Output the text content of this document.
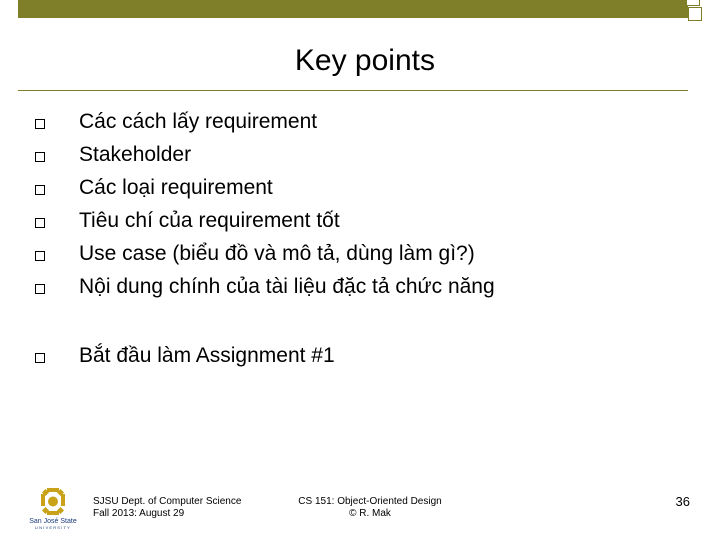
Key points
Các cách lấy requirement
Stakeholder
Các loại requirement
Tiêu chí của requirement tốt
Use case (biểu đồ và mô tả, dùng làm gì?)
Nội dung chính của tài liệu đặc tả chức năng
Bắt đầu làm Assignment #1
San José State
UNIVERSITY
SJSU Dept. of Computer Science
Fall 2013: August 29
CS 151: Object-Oriented Design
© R. Mak
36
